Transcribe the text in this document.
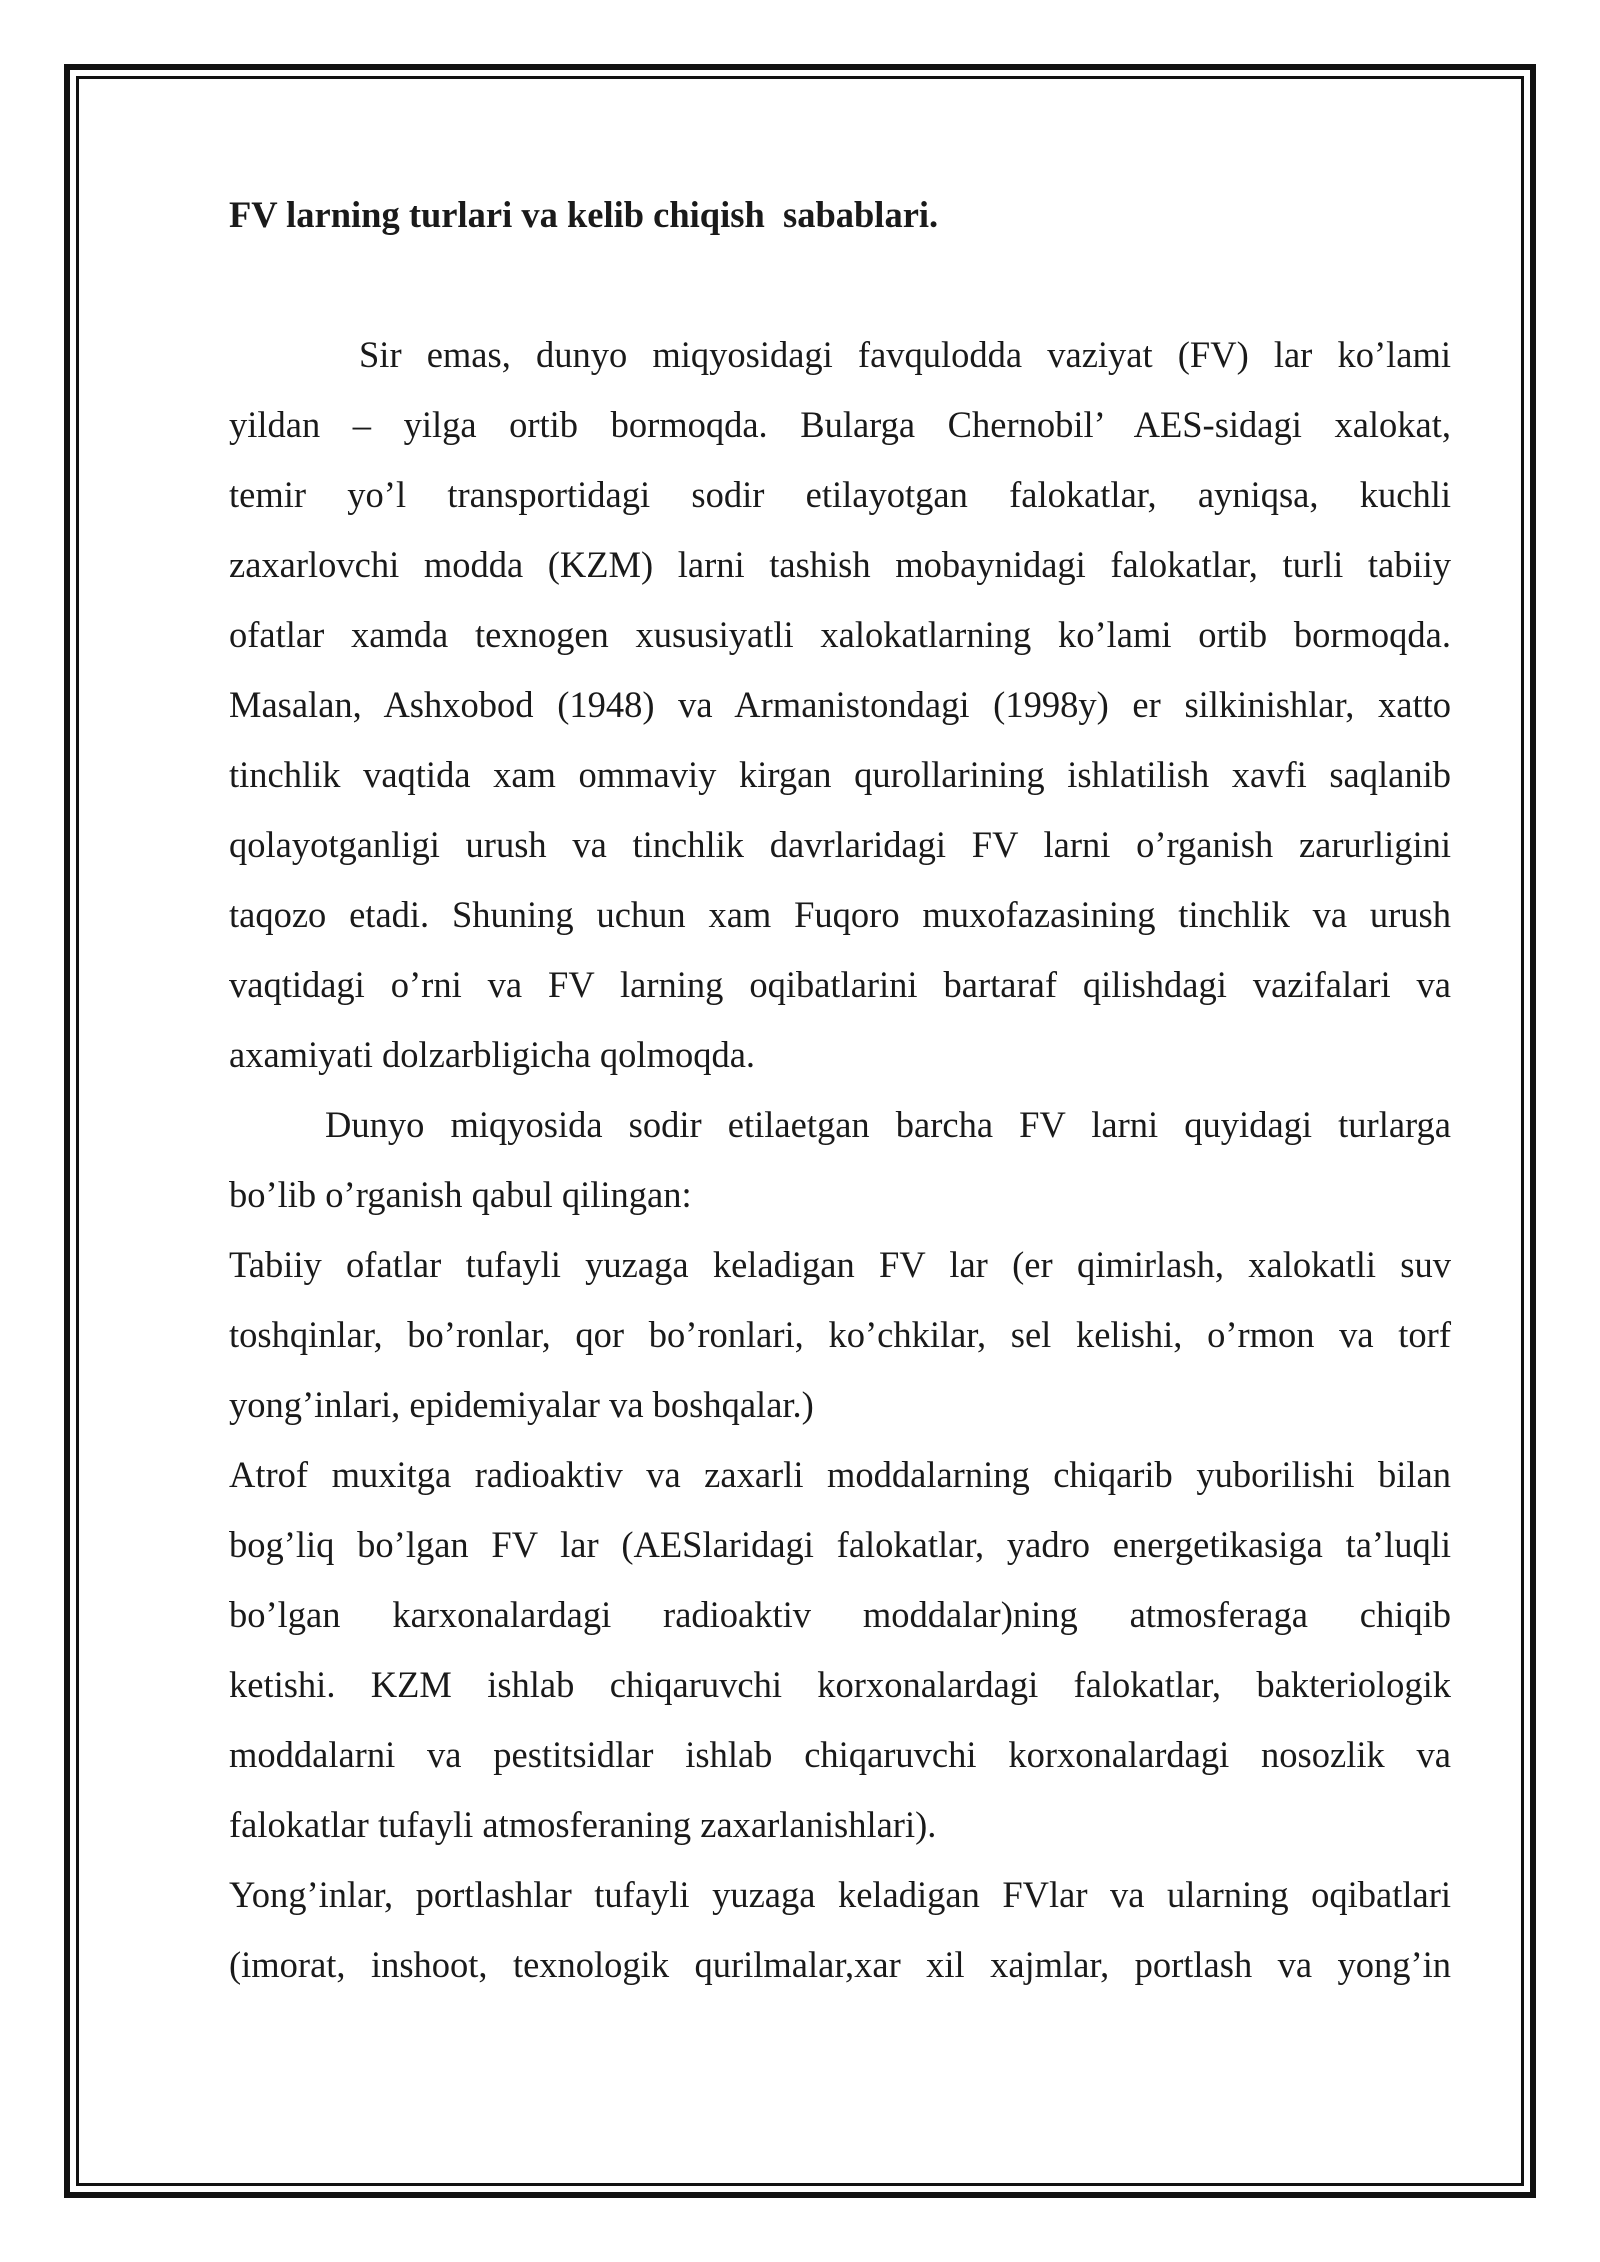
FV larning turlari va kelib chiqish  sabablari.
Sir emas, dunyo miqyosidagi favqulodda vaziyat (FV) lar ko’lami
yildan – yilga ortib bormoqda. Bularga Chernobil’ AES-sidagi xalokat,
temir yo’l transportidagi sodir etilayotgan falokatlar, ayniqsa, kuchli
zaxarlovchi modda (KZM) larni tashish mobaynidagi falokatlar, turli tabiiy
ofatlar xamda texnogen xususiyatli xalokatlarning ko’lami ortib bormoqda.
Masalan, Ashxobod (1948) va Armanistondagi (1998y) er silkinishlar, xatto
tinchlik vaqtida xam ommaviy kirgan qurollarining ishlatilish xavfi saqlanib
qolayotganligi urush va tinchlik davrlaridagi FV larni o’rganish zarurligini
taqozo etadi. Shuning uchun xam Fuqoro muxofazasining tinchlik va urush
vaqtidagi o’rni va FV larning oqibatlarini bartaraf qilishdagi vazifalari va
axamiyati dolzarbligicha qolmoqda.
Dunyo miqyosida sodir etilaetgan barcha FV larni quyidagi turlarga
bo’lib o’rganish qabul qilingan:
Tabiiy ofatlar tufayli yuzaga keladigan FV lar (er qimirlash, xalokatli suv
toshqinlar, bo’ronlar, qor bo’ronlari, ko’chkilar, sel kelishi, o’rmon va torf
yong’inlari, epidemiyalar va boshqalar.)
Atrof muxitga radioaktiv va zaxarli moddalarning chiqarib yuborilishi bilan
bog’liq bo’lgan FV lar (AESlaridagi falokatlar, yadro energetikasiga ta’luqli
bo’lgan karxonalardagi radioaktiv moddalar)ning atmosferaga chiqib
ketishi. KZM ishlab chiqaruvchi korxonalardagi falokatlar, bakteriologik
moddalarni va pestitsidlar ishlab chiqaruvchi korxonalardagi nosozlik va
falokatlar tufayli atmosferaning zaxarlanishlari).
Yong’inlar, portlashlar tufayli yuzaga keladigan FVlar va ularning oqibatlari
(imorat, inshoot, texnologik qurilmalar,xar xil xajmlar, portlash va yong’in
